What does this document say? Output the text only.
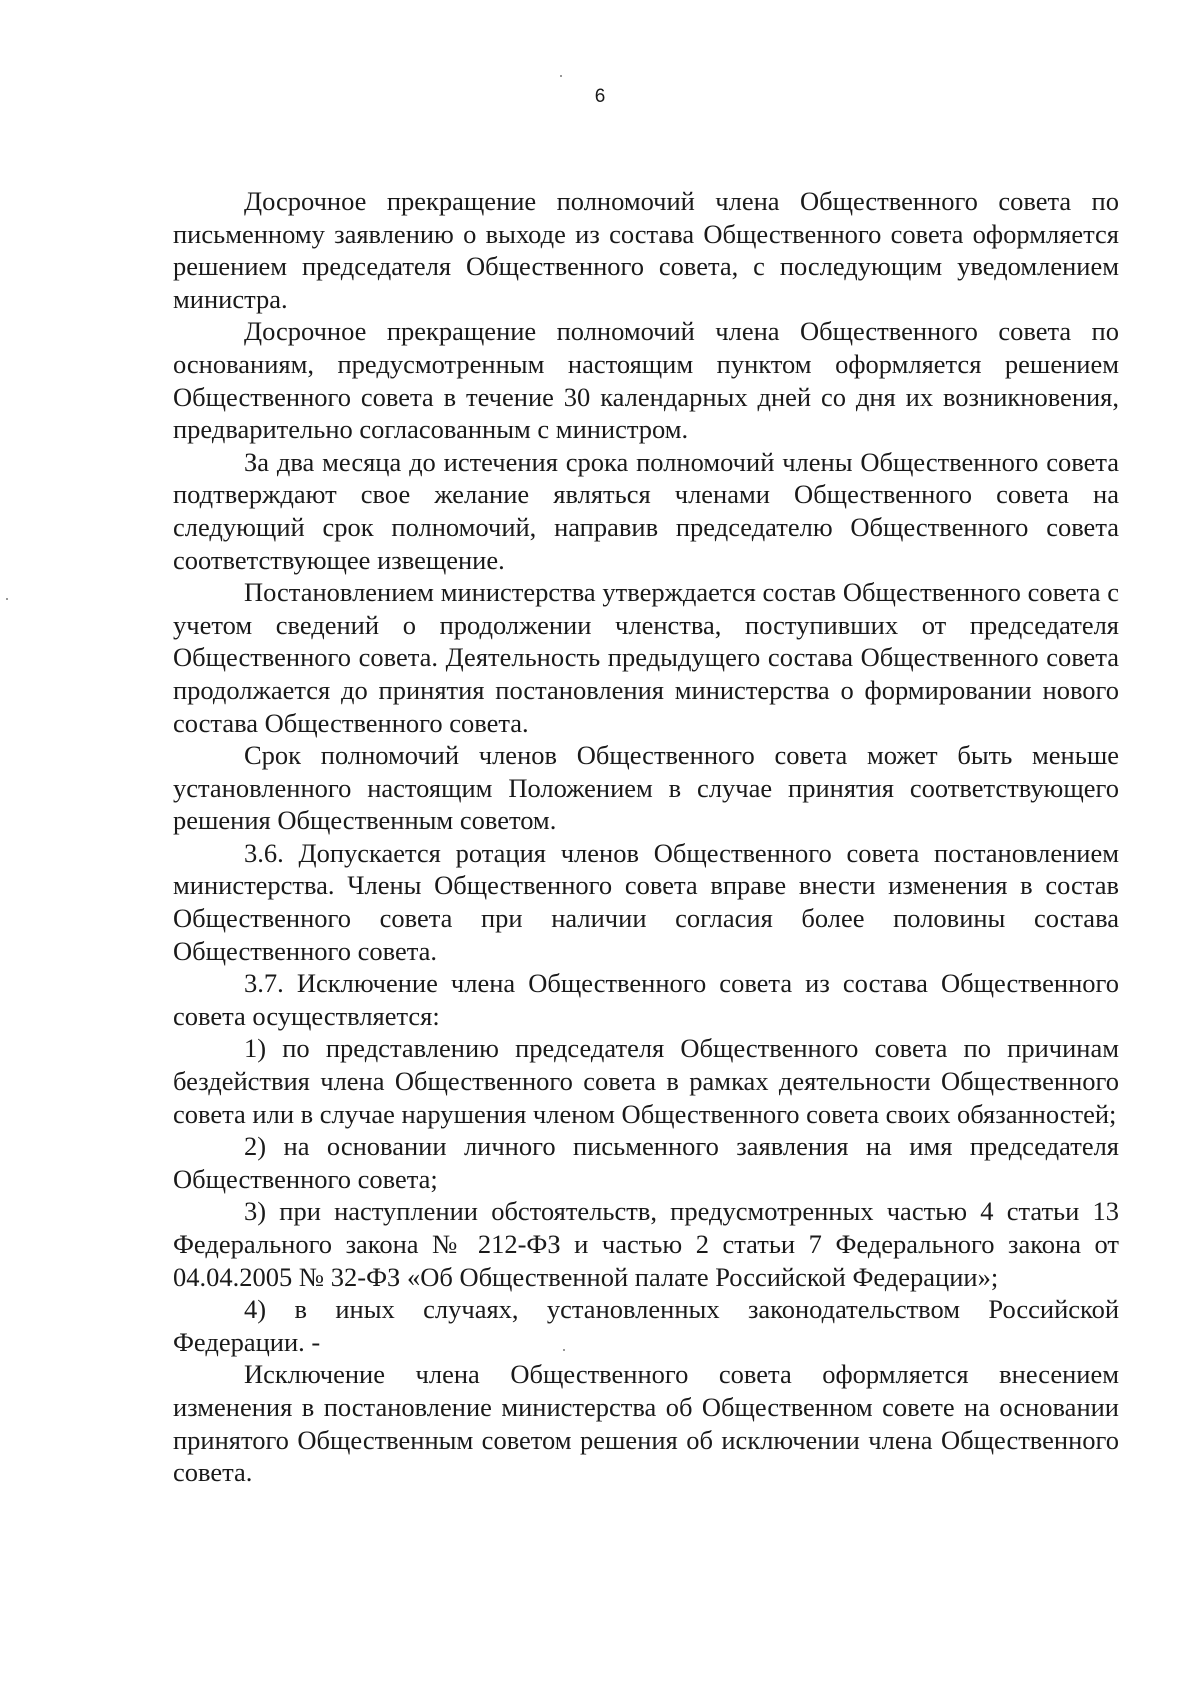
6

Досрочное прекращение полномочий члена Общественного совета по письменному заявлению о выходе из состава Общественного совета оформляется решением председателя Общественного совета, с последующим уведомлением министра.

Досрочное прекращение полномочий члена Общественного совета по основаниям, предусмотренным настоящим пунктом оформляется решением Общественного совета в течение 30 календарных дней со дня их возникновения, предварительно согласованным с министром.

За два месяца до истечения срока полномочий члены Общественного совета подтверждают свое желание являться членами Общественного совета на следующий срок полномочий, направив председателю Общественного совета соответствующее извещение.

Постановлением министерства утверждается состав Общественного совета с учетом сведений о продолжении членства, поступивших от председателя Общественного совета. Деятельность предыдущего состава Общественного совета продолжается до принятия постановления министерства о формировании нового состава Общественного совета.

Срок полномочий членов Общественного совета может быть меньше установленного настоящим Положением в случае принятия соответствующего решения Общественным советом.

3.6. Допускается ротация членов Общественного совета постановлением министерства. Члены Общественного совета вправе внести изменения в состав Общественного совета при наличии согласия более половины состава Общественного совета.

3.7. Исключение члена Общественного совета из состава Общественного совета осуществляется:

1) по представлению председателя Общественного совета по причинам бездействия члена Общественного совета в рамках деятельности Общественного совета или в случае нарушения членом Общественного совета своих обязанностей;

2) на основании личного письменного заявления на имя председателя Общественного совета;

3) при наступлении обстоятельств, предусмотренных частью 4 статьи 13 Федерального закона № 212-ФЗ и частью 2 статьи 7 Федерального закона от 04.04.2005 № 32-ФЗ «Об Общественной палате Российской Федерации»;

4) в иных случаях, установленных законодательством Российской Федерации. -

Исключение члена Общественного совета оформляется внесением изменения в постановление министерства об Общественном совете на основании принятого Общественным советом решения об исключении члена Общественного совета.
